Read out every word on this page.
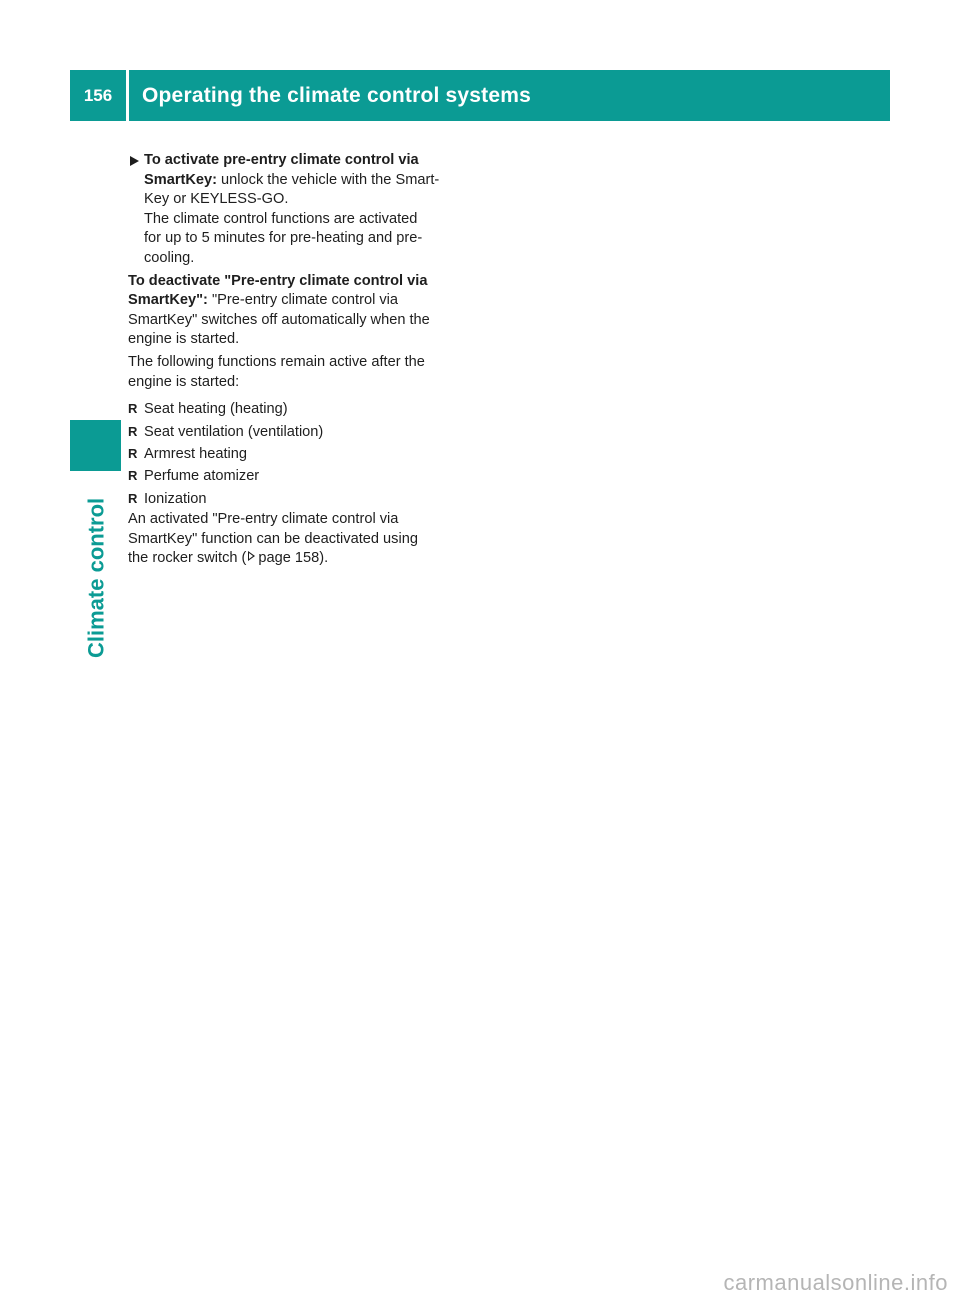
156	Operating the climate control systems
Climate control
To activate pre-entry climate control via
SmartKey: unlock the vehicle with the Smart-
Key or KEYLESS-GO.
The climate control functions are activated
for up to 5 minutes for pre-heating and pre-
cooling.
To deactivate "Pre-entry climate control via
SmartKey": "Pre-entry climate control via
SmartKey" switches off automatically when the
engine is started.
The following functions remain active after the
engine is started:
R Seat heating (heating)
R Seat ventilation (ventilation)
R Armrest heating
R Perfume atomizer
R Ionization
An activated "Pre-entry climate control via
SmartKey" function can be deactivated using
the rocker switch ( page 158).
carmanualsonline.info
